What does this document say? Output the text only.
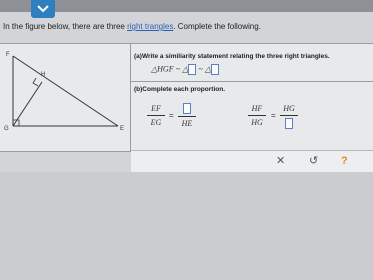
In the figure below, there are three right trangles. Complete the following.
F
H
G	E
(a)Write a similiarity statement relating the three right triangles.
△HGF ~ △ ~ △
(b)Complete each proportion.
EF
EG
=
HE
HF
HG
=
HG
✕ ↺ ?
